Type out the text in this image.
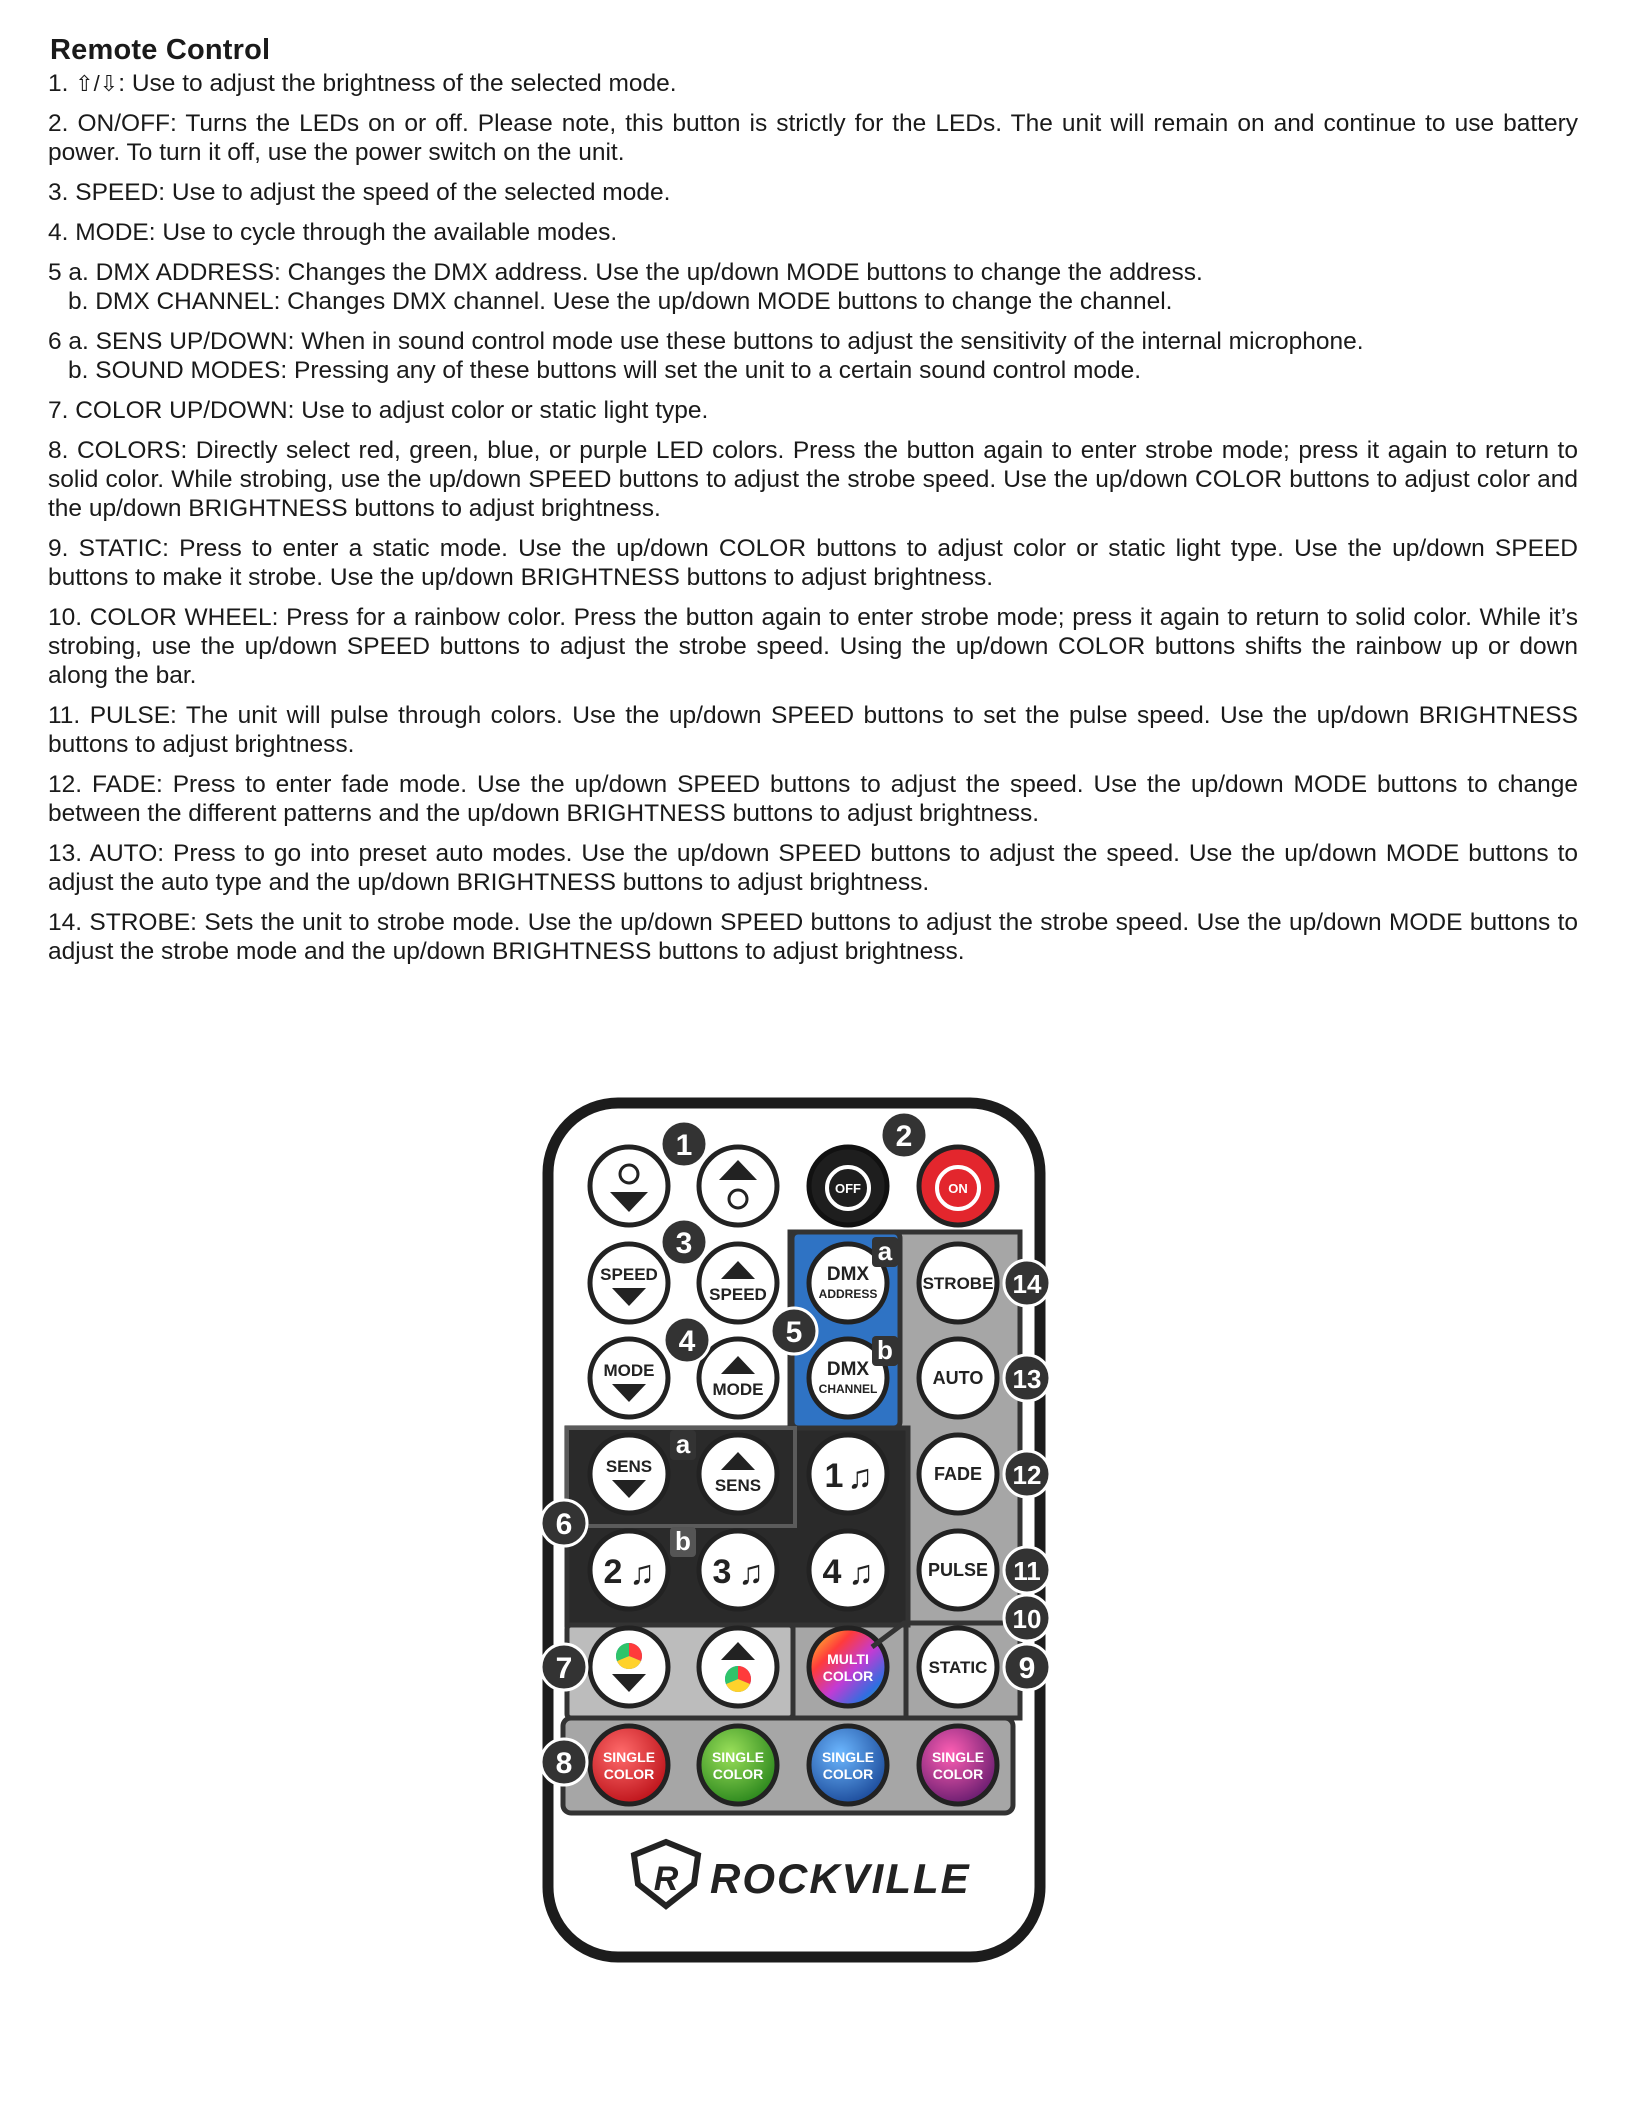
Remote Control
1. ⇧/⇩: Use to adjust the brightness of the selected mode.
2. ON/OFF: Turns the LEDs on or off. Please note, this button is strictly for the LEDs. The unit will remain on and continue to use battery power. To turn it off, use the power switch on the unit.
3. SPEED: Use to adjust the speed of the selected mode.
4. MODE: Use to cycle through the available modes.
5 a. DMX ADDRESS: Changes the DMX address. Use the up/down MODE buttons to change the address.
b. DMX CHANNEL: Changes DMX channel. Uese the up/down MODE buttons to change the channel.
6 a. SENS UP/DOWN: When in sound control mode use these buttons to adjust the sensitivity of the internal microphone.
b. SOUND MODES: Pressing any of these buttons will set the unit to a certain sound control mode.
7. COLOR UP/DOWN: Use to adjust color or static light type.
8. COLORS: Directly select red, green, blue, or purple LED colors. Press the button again to enter strobe mode; press it again to return to solid color. While strobing, use the up/down SPEED buttons to adjust the strobe speed. Use the up/down COLOR buttons to adjust color and the up/down BRIGHTNESS buttons to adjust brightness.
9. STATIC: Press to enter a static mode. Use the up/down COLOR buttons to adjust color or static light type. Use the up/down SPEED buttons to make it strobe. Use the up/down BRIGHTNESS buttons to adjust brightness.
10. COLOR WHEEL: Press for a rainbow color. Press the button again to enter strobe mode; press it again to return to solid color. While it’s strobing, use the up/down SPEED buttons to adjust the strobe speed. Using the up/down COLOR buttons shifts the rainbow up or down along the bar.
11. PULSE: The unit will pulse through colors. Use the up/down SPEED buttons to set the pulse speed. Use the up/down BRIGHTNESS buttons to adjust brightness.
12. FADE: Press to enter fade mode. Use the up/down SPEED buttons to adjust the speed. Use the up/down MODE buttons to change between the different patterns and the up/down BRIGHTNESS buttons to adjust brightness.
13. AUTO: Press to go into preset auto modes. Use the up/down SPEED buttons to adjust the speed. Use the up/down MODE buttons to adjust the auto type and the up/down BRIGHTNESS buttons to adjust brightness.
14. STROBE: Sets the unit to strobe mode. Use the up/down SPEED buttons to adjust the strobe speed. Use the up/down MODE buttons to adjust the strobe mode and the up/down BRIGHTNESS buttons to adjust brightness.
OFF	ON
SPEED
SPEED
DMX
ADDRESS
STROBE
MODE
MODE
DMX
CHANNEL
AUTO
SENS
SENS 1 ♫	FADE
2 ♫ 3 ♫ 4 ♫	PULSE
MULTI
COLOR	STATIC
SINGLE
COLOR
SINGLE
COLOR
SINGLE
COLOR
SINGLE
COLOR
1	2
3
4	5
6
7
8
9
10
11
12
13
14
a
b
a
b
R ROCKVILLE
